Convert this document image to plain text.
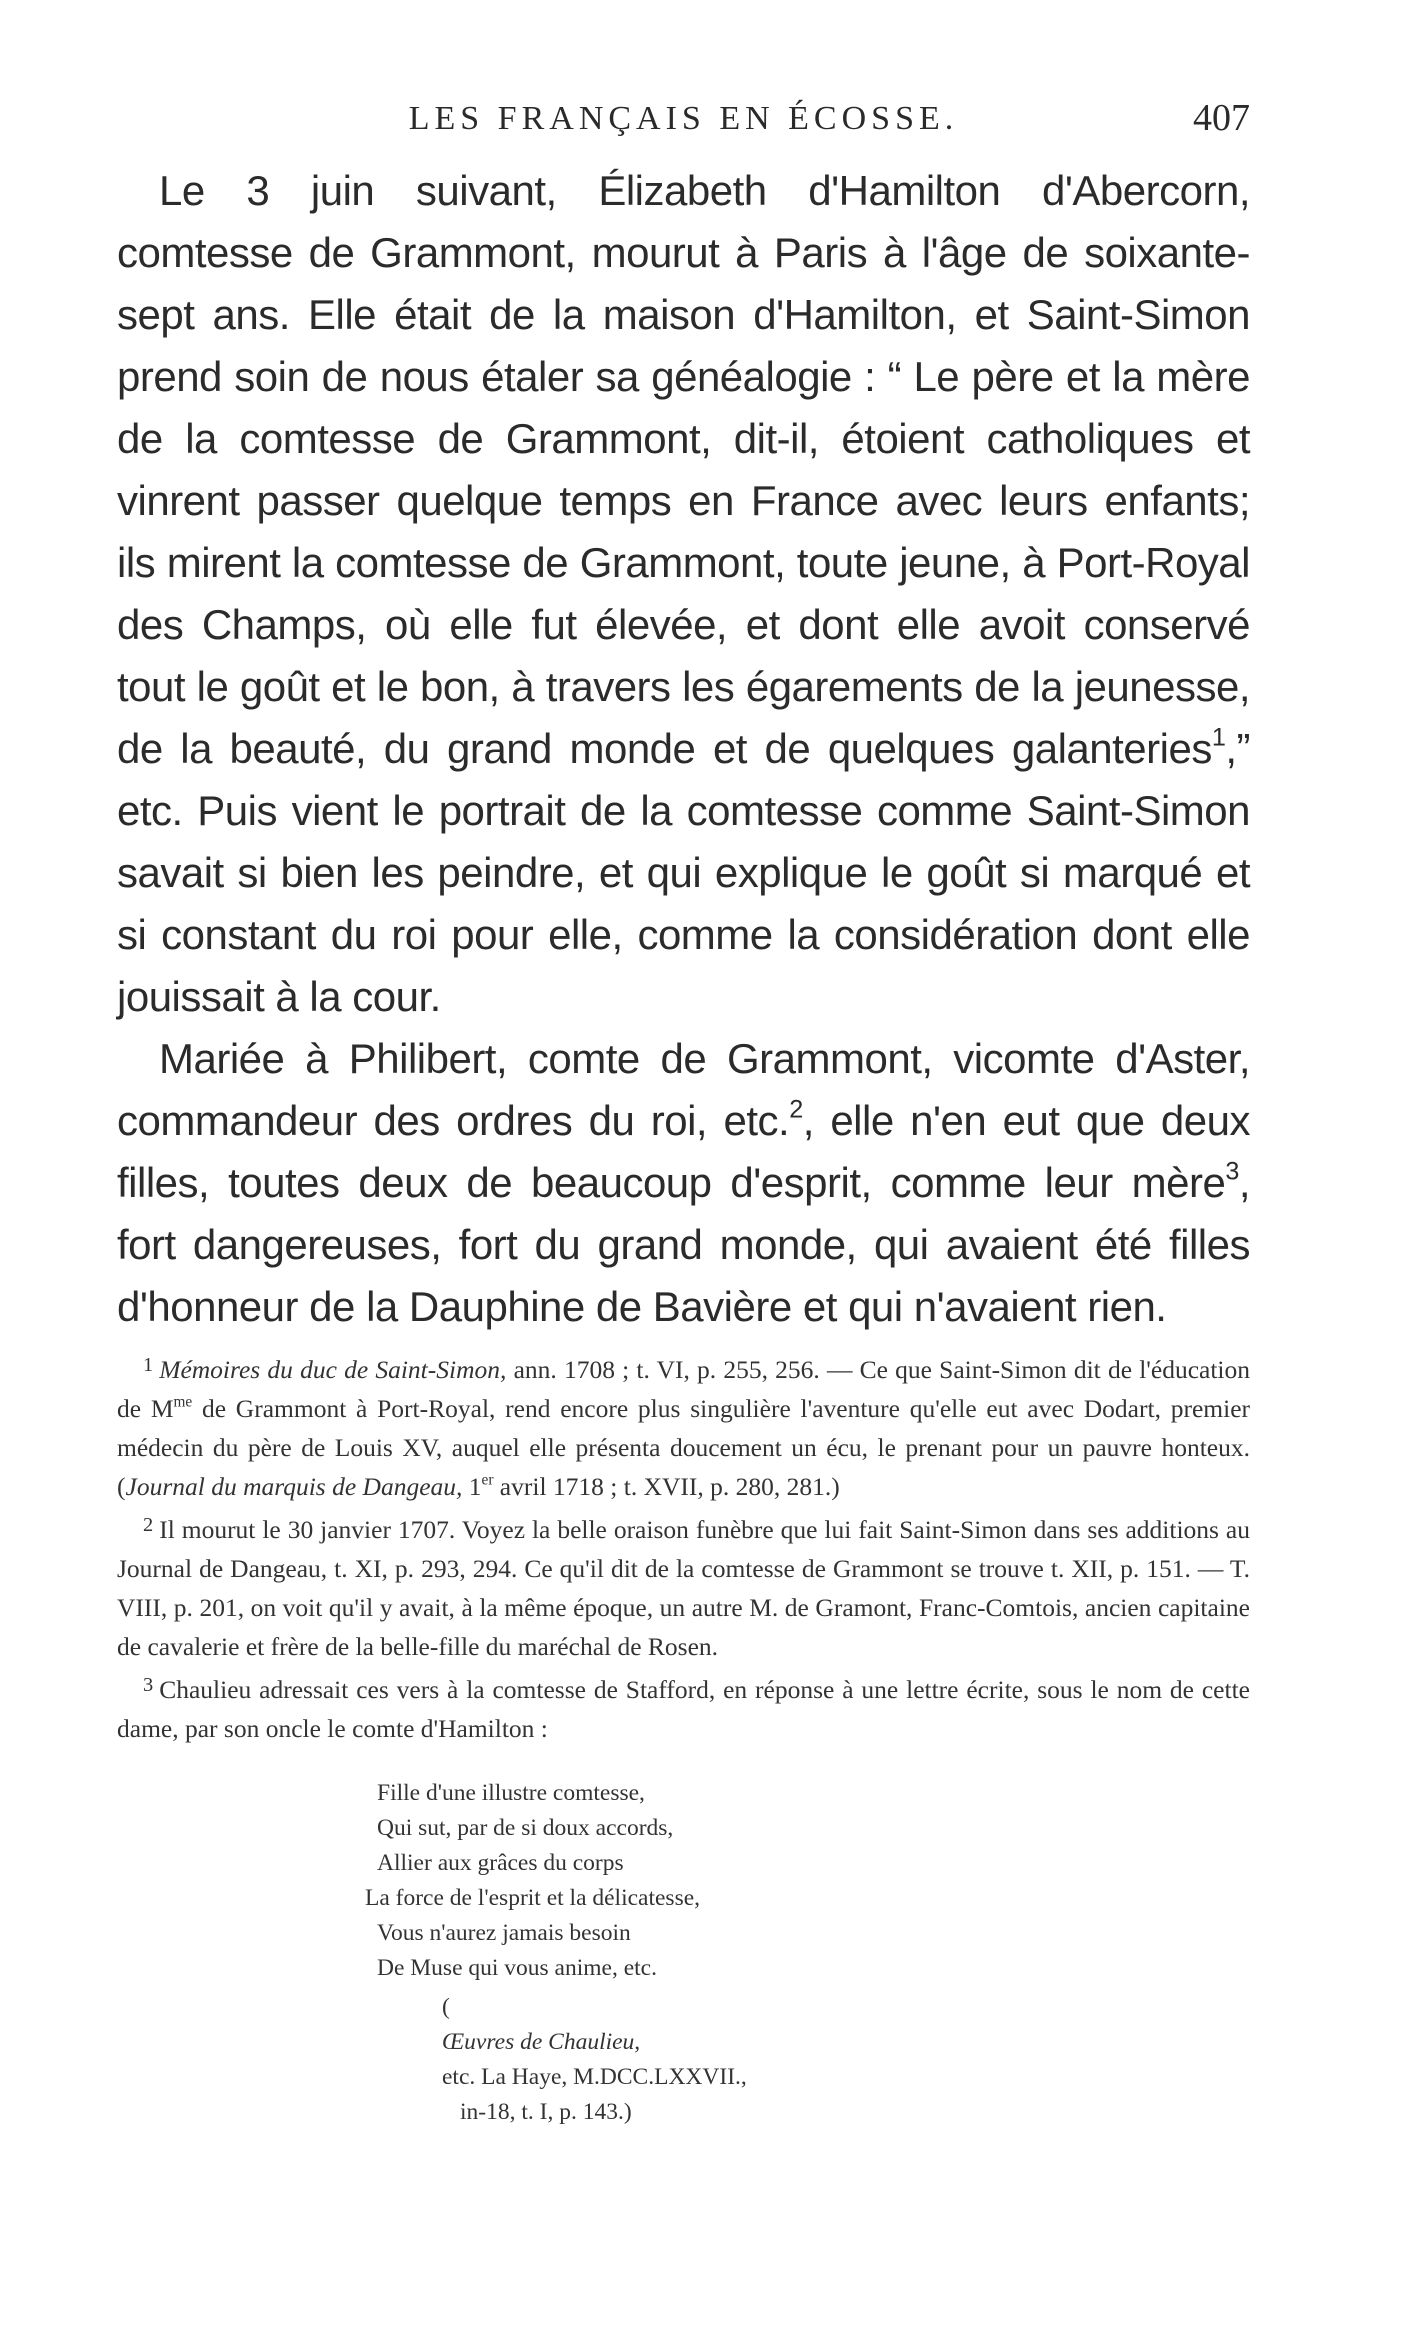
LES FRANÇAIS EN ÉCOSSE.	407

Le 3 juin suivant, Élizabeth d'Hamilton d'Abercorn, comtesse de Grammont, mourut à Paris à l'âge de soixante-sept ans. Elle était de la maison d'Hamilton, et Saint-Simon prend soin de nous étaler sa généalogie : “ Le père et la mère de la comtesse de Grammont, dit-il, étoient catholiques et vinrent passer quelque temps en France avec leurs enfants; ils mirent la comtesse de Grammont, toute jeune, à Port-Royal des Champs, où elle fut élevée, et dont elle avoit conservé tout le goût et le bon, à travers les égarements de la jeunesse, de la beauté, du grand monde et de quelques galanteries$^1$,” etc. Puis vient le portrait de la comtesse comme Saint-Simon savait si bien les peindre, et qui explique le goût si marqué et si constant du roi pour elle, comme la considération dont elle jouissait à la cour.

Mariée à Philibert, comte de Grammont, vicomte d'Aster, commandeur des ordres du roi, etc.$^2$, elle n'en eut que deux filles, toutes deux de beaucoup d'esprit, comme leur mère$^3$, fort dangereuses, fort du grand monde, qui avaient été filles d'honneur de la Dauphine de Bavière et qui n'avaient rien.

$^1$ Mémoires du duc de Saint-Simon, ann. 1708 ; t. VI, p. 255, 256. — Ce que Saint-Simon dit de l'éducation de $M^{me}$ de Grammont à Port-Royal, rend encore plus singulière l'aventure qu'elle eut avec Dodart, premier médecin du père de Louis XV, auquel elle présenta doucement un écu, le prenant pour un pauvre honteux. (Journal du marquis de Dangeau, 1er avril 1718 ; t. XVII, p. 280, 281.)

$^2$ Il mourut le 30 janvier 1707. Voyez la belle oraison funèbre que lui fait Saint-Simon dans ses additions au Journal de Dangeau, t. XI, p. 293, 294. Ce qu'il dit de la comtesse de Grammont se trouve t. XII, p. 151. — T. VIII, p. 201, on voit qu'il y avait, à la même époque, un autre M. de Gramont, Franc-Comtois, ancien capitaine de cavalerie et frère de la belle-fille du maréchal de Rosen.

$^3$ Chaulieu adressait ces vers à la comtesse de Stafford, en réponse à une lettre écrite, sous le nom de cette dame, par son oncle le comte d'Hamilton :

Fille d'une illustre comtesse,
Qui sut, par de si doux accords,
Allier aux grâces du corps
La force de l'esprit et la délicatesse,
Vous n'aurez jamais besoin
De Muse qui vous anime, etc.
(
Œuvres de Chaulieu,
etc. La Haye, M.DCC.LXXVII.,
in-18, t. I, p. 143.)
